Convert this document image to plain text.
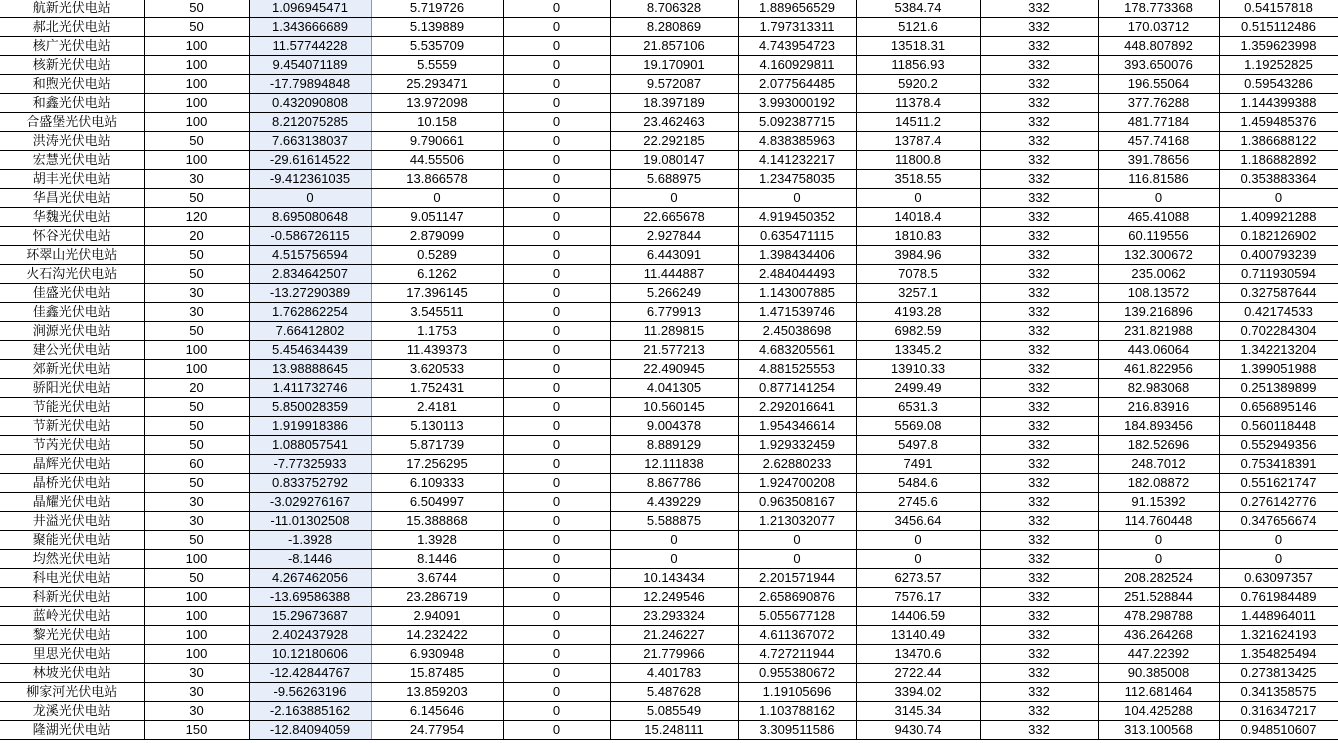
航新光伏电站	50	1.096945471	5.719726	0	8.706328	1.889656529	5384.74	332	178.773368	0.54157818
郝北光伏电站	50	1.343666689	5.139889	0	8.280869	1.797313311	5121.6	332	170.03712	0.515112486
核广光伏电站	100	11.57744228	5.535709	0	21.857106	4.743954723	13518.31	332	448.807892	1.359623998
核新光伏电站	100	9.454071189	5.5559	0	19.170901	4.160929811	11856.93	332	393.650076	1.19252825
和煦光伏电站	100	-17.79894848	25.293471	0	9.572087	2.077564485	5920.2	332	196.55064	0.59543286
和鑫光伏电站	100	0.432090808	13.972098	0	18.397189	3.993000192	11378.4	332	377.76288	1.144399388
合盛堡光伏电站	100	8.212075285	10.158	0	23.462463	5.092387715	14511.2	332	481.77184	1.459485376
洪涛光伏电站	50	7.663138037	9.790661	0	22.292185	4.838385963	13787.4	332	457.74168	1.386688122
宏慧光伏电站	100	-29.61614522	44.55506	0	19.080147	4.141232217	11800.8	332	391.78656	1.186882892
胡丰光伏电站	30	-9.412361035	13.866578	0	5.688975	1.234758035	3518.55	332	116.81586	0.353883364
华昌光伏电站	50	0	0	0	0	0	0	332	0	0
华魏光伏电站	120	8.695080648	9.051147	0	22.665678	4.919450352	14018.4	332	465.41088	1.409921288
怀谷光伏电站	20	-0.586726115	2.879099	0	2.927844	0.635471115	1810.83	332	60.119556	0.182126902
环翠山光伏电站	50	4.515756594	0.5289	0	6.443091	1.398434406	3984.96	332	132.300672	0.400793239
火石沟光伏电站	50	2.834642507	6.1262	0	11.444887	2.484044493	7078.5	332	235.0062	0.711930594
佳盛光伏电站	30	-13.27290389	17.396145	0	5.266249	1.143007885	3257.1	332	108.13572	0.327587644
佳鑫光伏电站	30	1.762862254	3.545511	0	6.779913	1.471539746	4193.28	332	139.216896	0.42174533
涧源光伏电站	50	7.66412802	1.1753	0	11.289815	2.45038698	6982.59	332	231.821988	0.702284304
建公光伏电站	100	5.454634439	11.439373	0	21.577213	4.683205561	13345.2	332	443.06064	1.342213204
郊新光伏电站	100	13.98888645	3.620533	0	22.490945	4.881525553	13910.33	332	461.822956	1.399051988
骄阳光伏电站	20	1.411732746	1.752431	0	4.041305	0.877141254	2499.49	332	82.983068	0.251389899
节能光伏电站	50	5.850028359	2.4181	0	10.560145	2.292016641	6531.3	332	216.83916	0.656895146
节新光伏电站	50	1.919918386	5.130113	0	9.004378	1.954346614	5569.08	332	184.893456	0.560118448
节芮光伏电站	50	1.088057541	5.871739	0	8.889129	1.929332459	5497.8	332	182.52696	0.552949356
晶辉光伏电站	60	-7.77325933	17.256295	0	12.111838	2.62880233	7491	332	248.7012	0.753418391
晶桥光伏电站	50	0.833752792	6.109333	0	8.867786	1.924700208	5484.6	332	182.08872	0.551621747
晶耀光伏电站	30	-3.029276167	6.504997	0	4.439229	0.963508167	2745.6	332	91.15392	0.276142776
井溢光伏电站	30	-11.01302508	15.388868	0	5.588875	1.213032077	3456.64	332	114.760448	0.347656674
聚能光伏电站	50	-1.3928	1.3928	0	0	0	0	332	0	0
均然光伏电站	100	-8.1446	8.1446	0	0	0	0	332	0	0
科电光伏电站	50	4.267462056	3.6744	0	10.143434	2.201571944	6273.57	332	208.282524	0.63097357
科新光伏电站	100	-13.69586388	23.286719	0	12.249546	2.658690876	7576.17	332	251.528844	0.761984489
蓝岭光伏电站	100	15.29673687	2.94091	0	23.293324	5.055677128	14406.59	332	478.298788	1.448964011
黎光光伏电站	100	2.402437928	14.232422	0	21.246227	4.611367072	13140.49	332	436.264268	1.321624193
里思光伏电站	100	10.12180606	6.930948	0	21.779966	4.727211944	13470.6	332	447.22392	1.354825494
林坡光伏电站	30	-12.42844767	15.87485	0	4.401783	0.955380672	2722.44	332	90.385008	0.273813425
柳家河光伏电站	30	-9.56263196	13.859203	0	5.487628	1.19105696	3394.02	332	112.681464	0.341358575
龙溪光伏电站	30	-2.163885162	6.145646	0	5.085549	1.103788162	3145.34	332	104.425288	0.316347217
隆湖光伏电站	150	-12.84094059	24.77954	0	15.248111	3.309511586	9430.74	332	313.100568	0.948510607
